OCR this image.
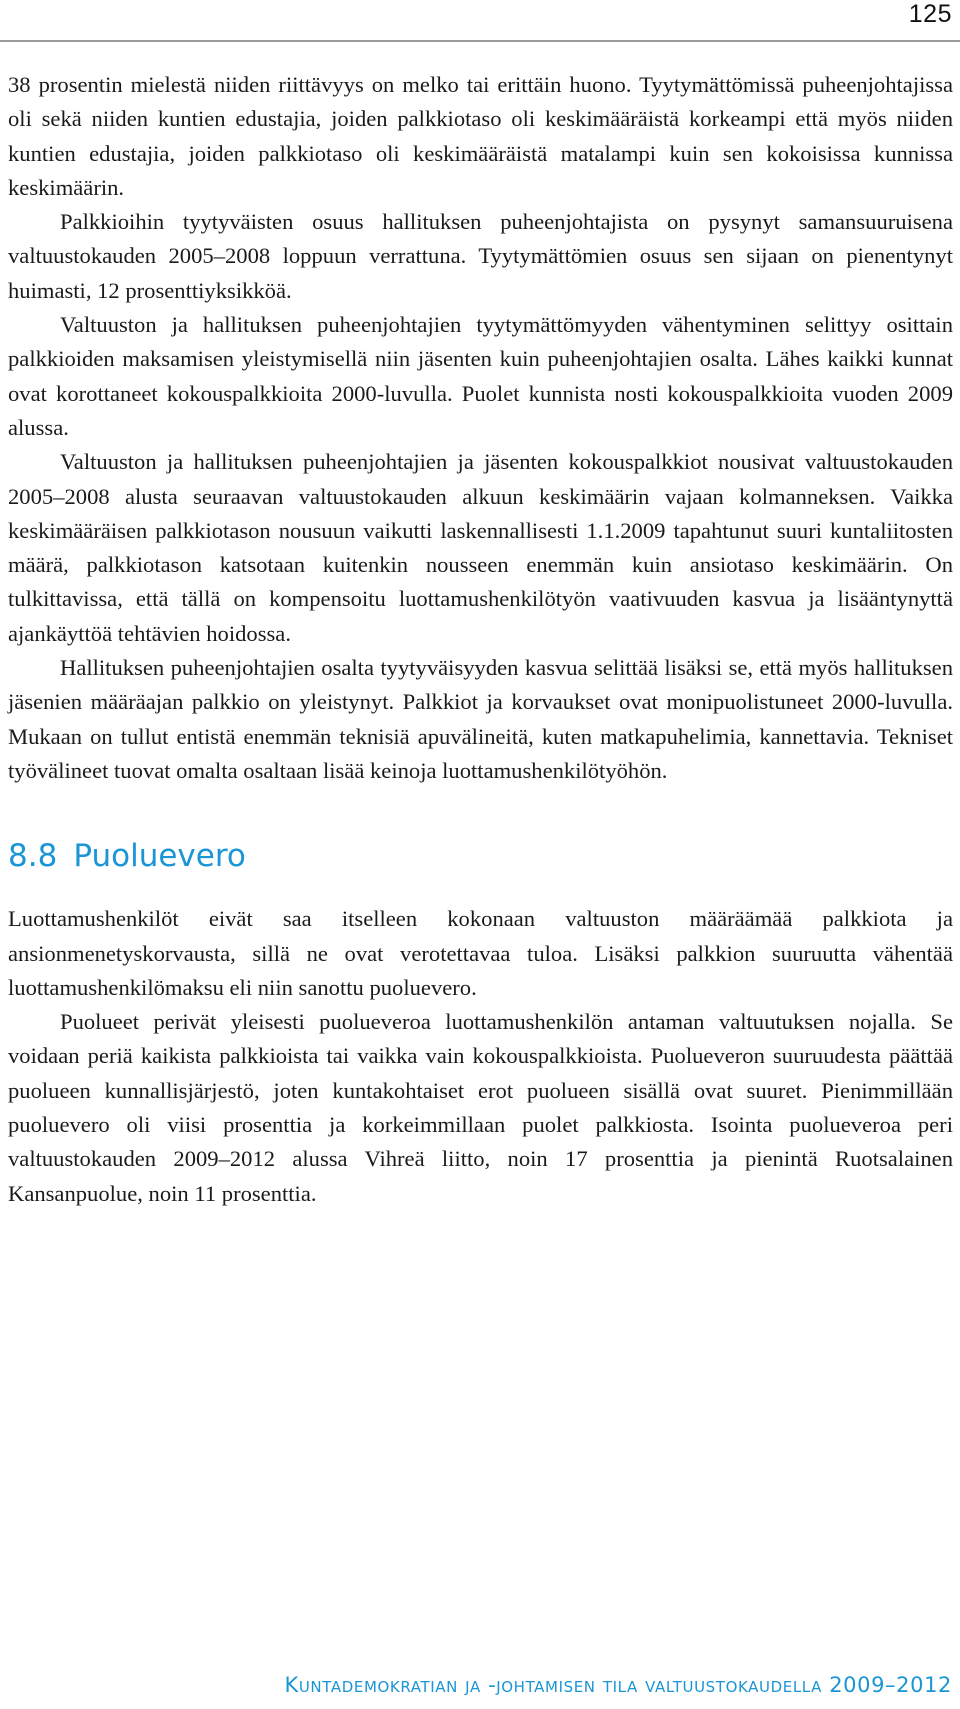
125

38 prosentin mielestä niiden riittävyys on melko tai erittäin huono. Tyytymättömissä puheenjohtajissa oli sekä niiden kuntien edustajia, joiden palkkiotaso oli keskimääräistä korkeampi että myös niiden kuntien edustajia, joiden palkkiotaso oli keskimääräistä matalampi kuin sen kokoisissa kunnissa keskimäärin.

Palkkioihin tyytyväisten osuus hallituksen puheenjohtajista on pysynyt samansuuruisena valtuustokauden 2005–2008 loppuun verrattuna. Tyytymättömien osuus sen sijaan on pienentynyt huimasti, 12 prosenttiyksikköä.

Valtuuston ja hallituksen puheenjohtajien tyytymättömyyden vähentyminen selittyy osittain palkkioiden maksamisen yleistymisellä niin jäsenten kuin puheenjohtajien osalta. Lähes kaikki kunnat ovat korottaneet kokouspalkkioita 2000-luvulla. Puolet kunnista nosti kokouspalkkioita vuoden 2009 alussa.

Valtuuston ja hallituksen puheenjohtajien ja jäsenten kokouspalkkiot nousivat valtuustokauden 2005–2008 alusta seuraavan valtuustokauden alkuun keskimäärin vajaan kolmanneksen. Vaikka keskimääräisen palkkiotason nousuun vaikutti laskennallisesti 1.1.2009 tapahtunut suuri kuntaliitosten määrä, palkkiotason katsotaan kuitenkin nousseen enemmän kuin ansiotaso keskimäärin. On tulkittavissa, että tällä on kompensoitu luottamushenkilötyön vaativuuden kasvua ja lisääntynyttä ajankäyttöä tehtävien hoidossa.

Hallituksen puheenjohtajien osalta tyytyväisyyden kasvua selittää lisäksi se, että myös hallituksen jäsenien määräajan palkkio on yleistynyt. Palkkiot ja korvaukset ovat monipuolistuneet 2000-luvulla. Mukaan on tullut entistä enemmän teknisiä apuvälineitä, kuten matkapuhelimia, kannettavia. Tekniset työvälineet tuovat omalta osaltaan lisää keinoja luottamushenkilötyöhön.

8.8 Puoluevero

Luottamushenkilöt eivät saa itselleen kokonaan valtuuston määräämää palkkiota ja ansionmenetyskorvausta, sillä ne ovat verotettavaa tuloa. Lisäksi palkkion suuruutta vähentää luottamushenkilömaksu eli niin sanottu puoluevero.

Puolueet perivät yleisesti puolueveroa luottamushenkilön antaman valtuutuksen nojalla. Se voidaan periä kaikista palkkioista tai vaikka vain kokouspalkkioista. Puolueveron suuruudesta päättää puolueen kunnallisjärjestö, joten kuntakohtaiset erot puolueen sisällä ovat suuret. Pienimmillään puoluevero oli viisi prosenttia ja korkeimmillaan puolet palkkiosta. Isointa puolueveroa peri valtuustokauden 2009–2012 alussa Vihreä liitto, noin 17 prosenttia ja pienintä Ruotsalainen Kansanpuolue, noin 11 prosenttia.

Kuntademokratian ja -johtamisen tila valtuustokaudella 2009–2012
